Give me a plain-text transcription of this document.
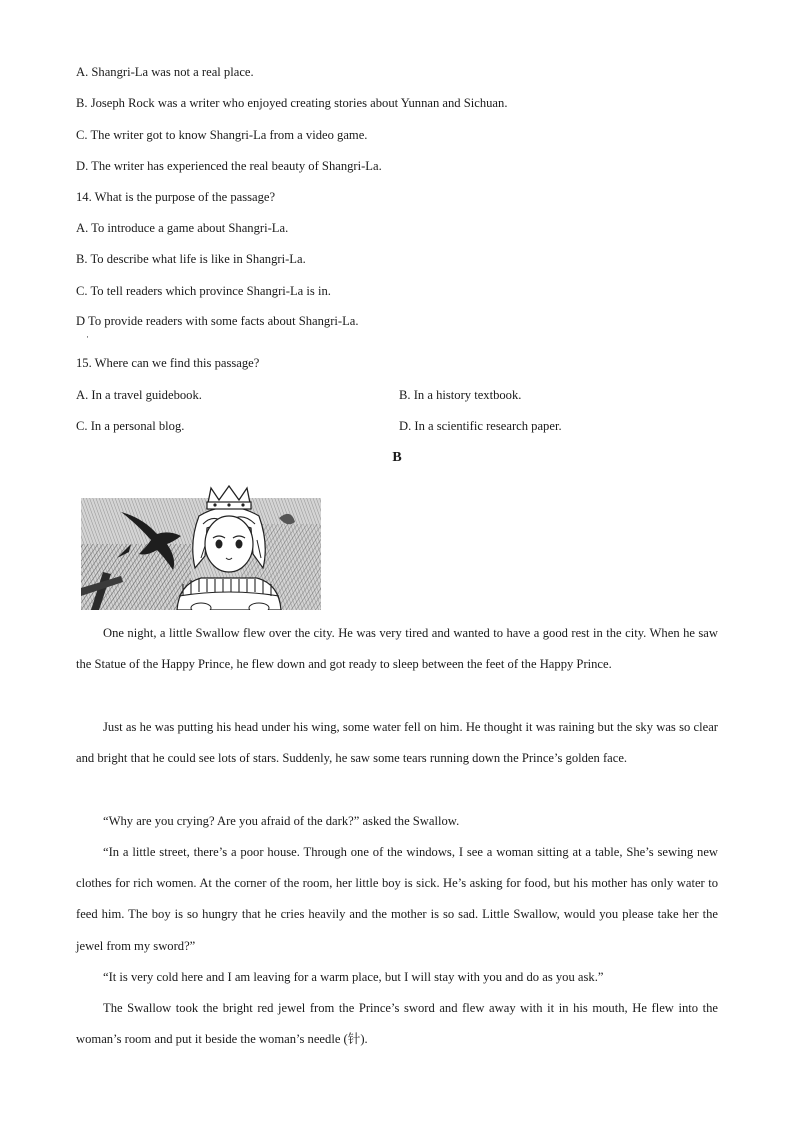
A. Shangri-La was not a real place.
B. Joseph Rock was a writer who enjoyed creating stories about Yunnan and Sichuan.
C. The writer got to know Shangri-La from a video game.
D. The writer has experienced the real beauty of Shangri-La.
14. What is the purpose of the passage?
A. To introduce a game about Shangri-La.
B. To describe what life is like in Shangri-La.
C. To tell readers which province Shangri-La is in.
D To provide readers with some facts about Shangri-La.
·
15. Where can we find this passage?
A. In a travel guidebook.	B. In a history textbook.
C. In a personal blog.	D. In a scientific research paper.
B
One night, a little Swallow flew over the city. He was very tired and wanted to have a good rest in the city. When he saw the Statue of the Happy Prince, he flew down and got ready to sleep between the feet of the Happy Prince.
Just as he was putting his head under his wing, some water fell on him. He thought it was raining but the sky was so clear and bright that he could see lots of stars. Suddenly, he saw some tears running down the Prince’s golden face.
“Why are you crying? Are you afraid of the dark?” asked the Swallow.
“In a little street, there’s a poor house. Through one of the windows, I see a woman sitting at a table, She’s sewing new clothes for rich women. At the corner of the room, her little boy is sick. He’s asking for food, but his mother has only water to feed him. The boy is so hungry that he cries heavily and the mother is so sad. Little Swallow, would you please take her the jewel from my sword?”
“It is very cold here and I am leaving for a warm place, but I will stay with you and do as you ask.”
The Swallow took the bright red jewel from the Prince’s sword and flew away with it in his mouth, He flew into the woman’s room and put it beside the woman’s needle (针).
